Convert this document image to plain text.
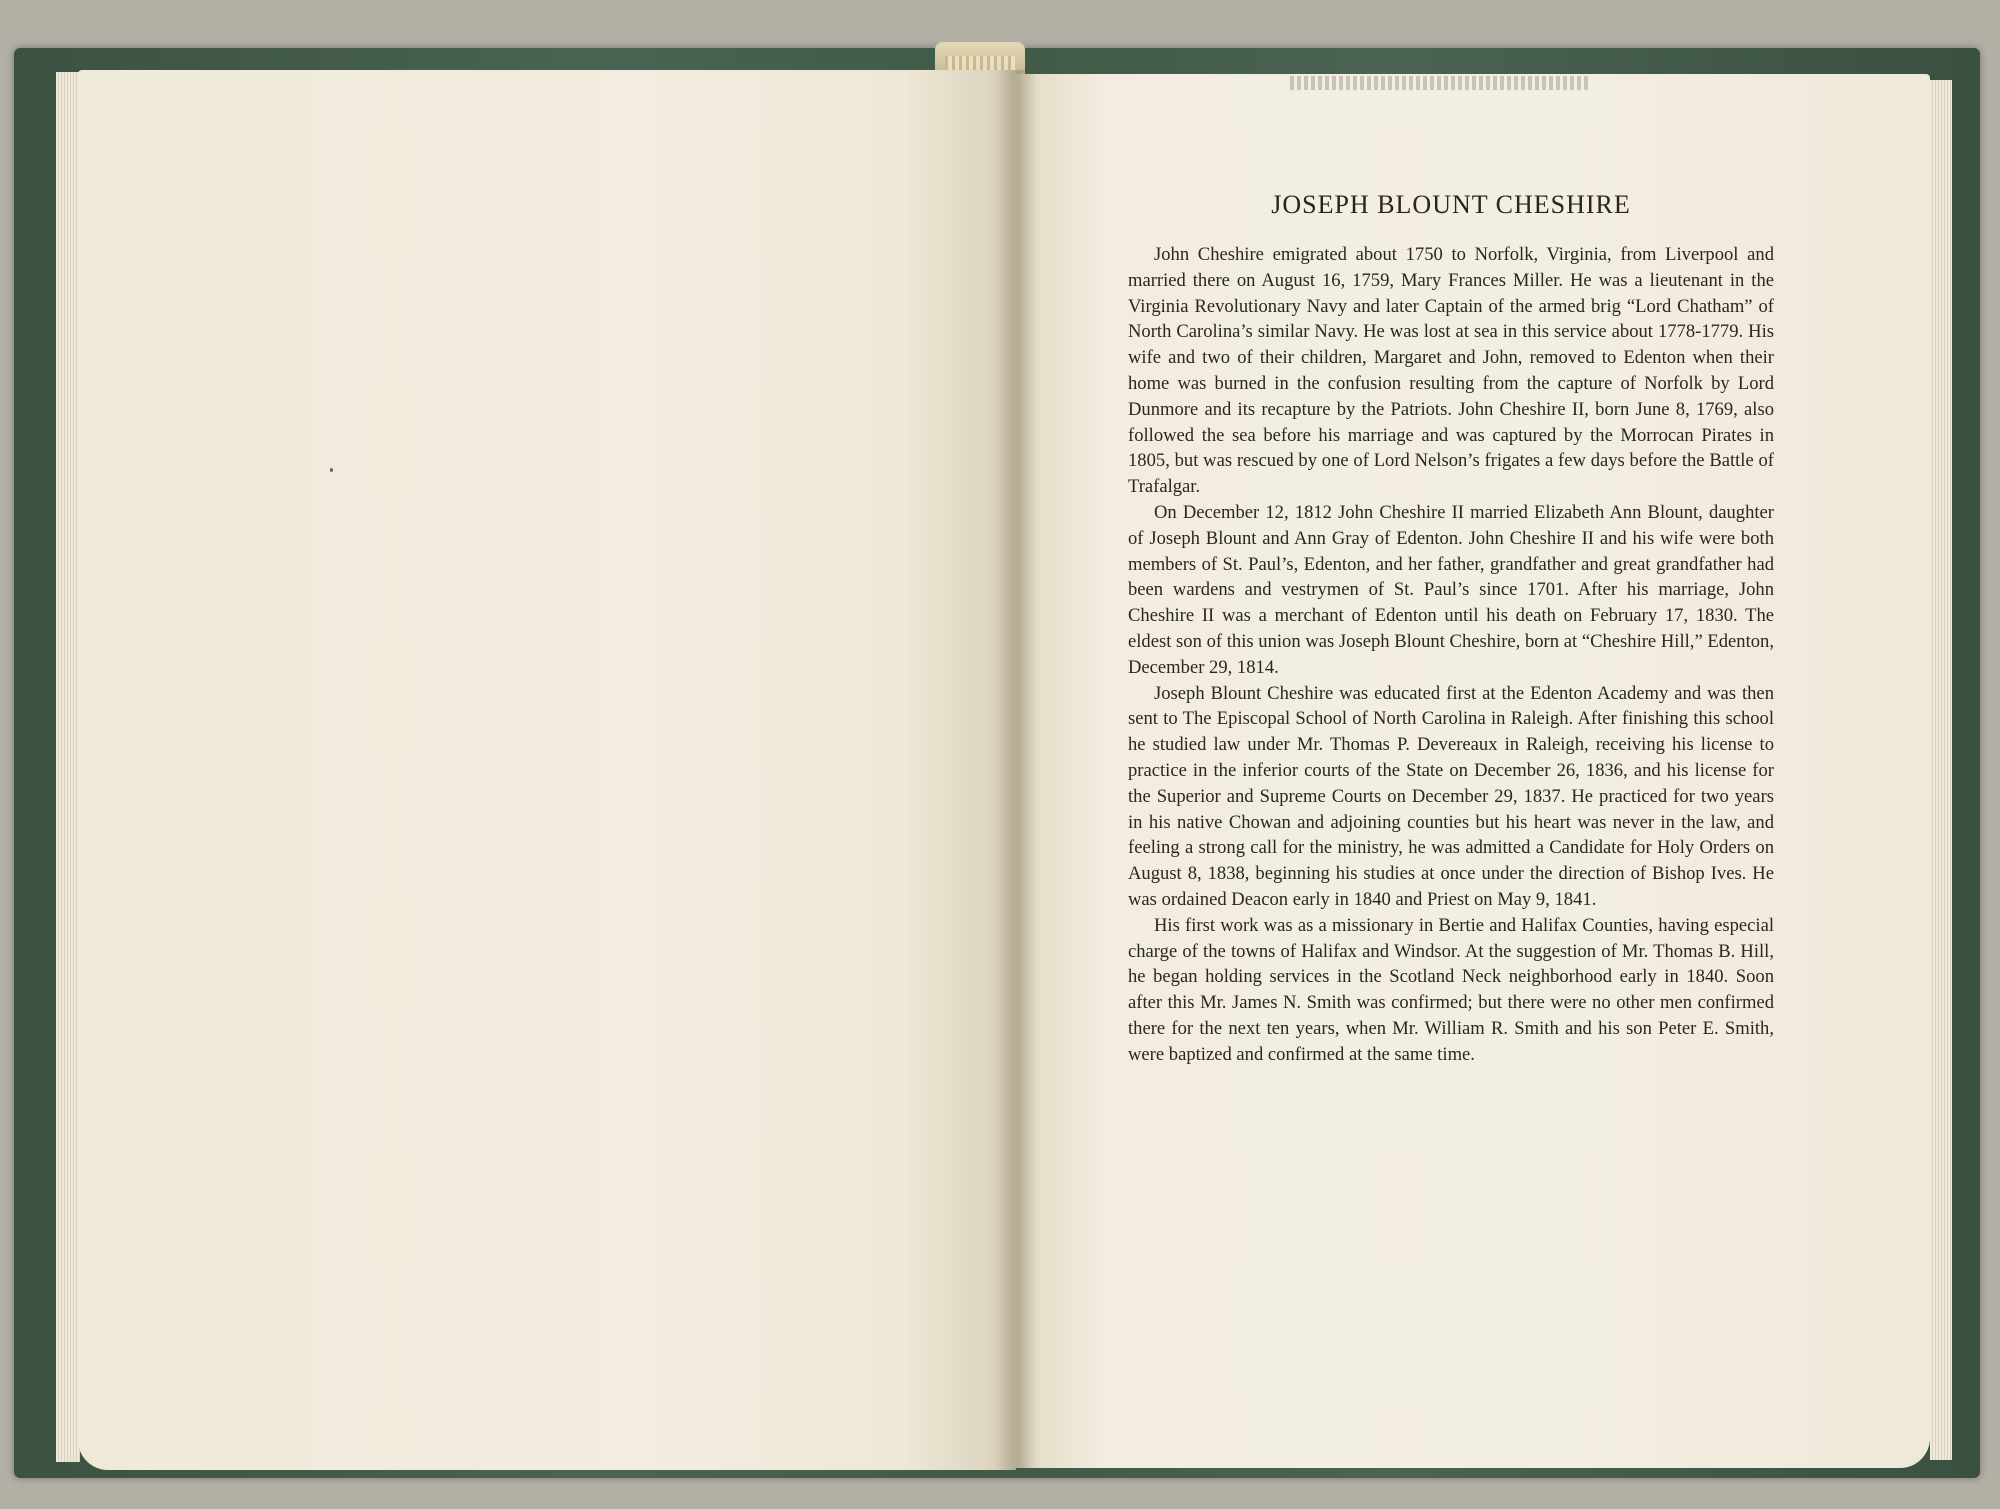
JOSEPH BLOUNT CHESHIRE

John Cheshire emigrated about 1750 to Norfolk, Virginia, from Liverpool and married there on August 16, 1759, Mary Frances Miller. He was a lieutenant in the Virginia Revolutionary Navy and later Captain of the armed brig “Lord Chatham” of North Carolina’s similar Navy. He was lost at sea in this service about 1778-1779. His wife and two of their children, Margaret and John, removed to Edenton when their home was burned in the confusion resulting from the capture of Norfolk by Lord Dunmore and its recapture by the Patriots. John Cheshire II, born June 8, 1769, also followed the sea before his marriage and was captured by the Morrocan Pirates in 1805, but was rescued by one of Lord Nelson’s frigates a few days before the Battle of Trafalgar.

On December 12, 1812 John Cheshire II married Elizabeth Ann Blount, daughter of Joseph Blount and Ann Gray of Edenton. John Cheshire II and his wife were both members of St. Paul’s, Edenton, and her father, grandfather and great grandfather had been wardens and vestrymen of St. Paul’s since 1701. After his marriage, John Cheshire II was a merchant of Edenton until his death on February 17, 1830. The eldest son of this union was Joseph Blount Cheshire, born at “Cheshire Hill,” Edenton, December 29, 1814.

Joseph Blount Cheshire was educated first at the Edenton Academy and was then sent to The Episcopal School of North Carolina in Raleigh. After finishing this school he studied law under Mr. Thomas P. Devereaux in Raleigh, receiving his license to practice in the inferior courts of the State on December 26, 1836, and his license for the Superior and Supreme Courts on December 29, 1837. He practiced for two years in his native Chowan and adjoining counties but his heart was never in the law, and feeling a strong call for the ministry, he was admitted a Candidate for Holy Orders on August 8, 1838, beginning his studies at once under the direction of Bishop Ives. He was ordained Deacon early in 1840 and Priest on May 9, 1841.

His first work was as a missionary in Bertie and Halifax Counties, having especial charge of the towns of Halifax and Windsor. At the suggestion of Mr. Thomas B. Hill, he began holding services in the Scotland Neck neighborhood early in 1840. Soon after this Mr. James N. Smith was confirmed; but there were no other men confirmed there for the next ten years, when Mr. William R. Smith and his son Peter E. Smith, were baptized and confirmed at the same time.
